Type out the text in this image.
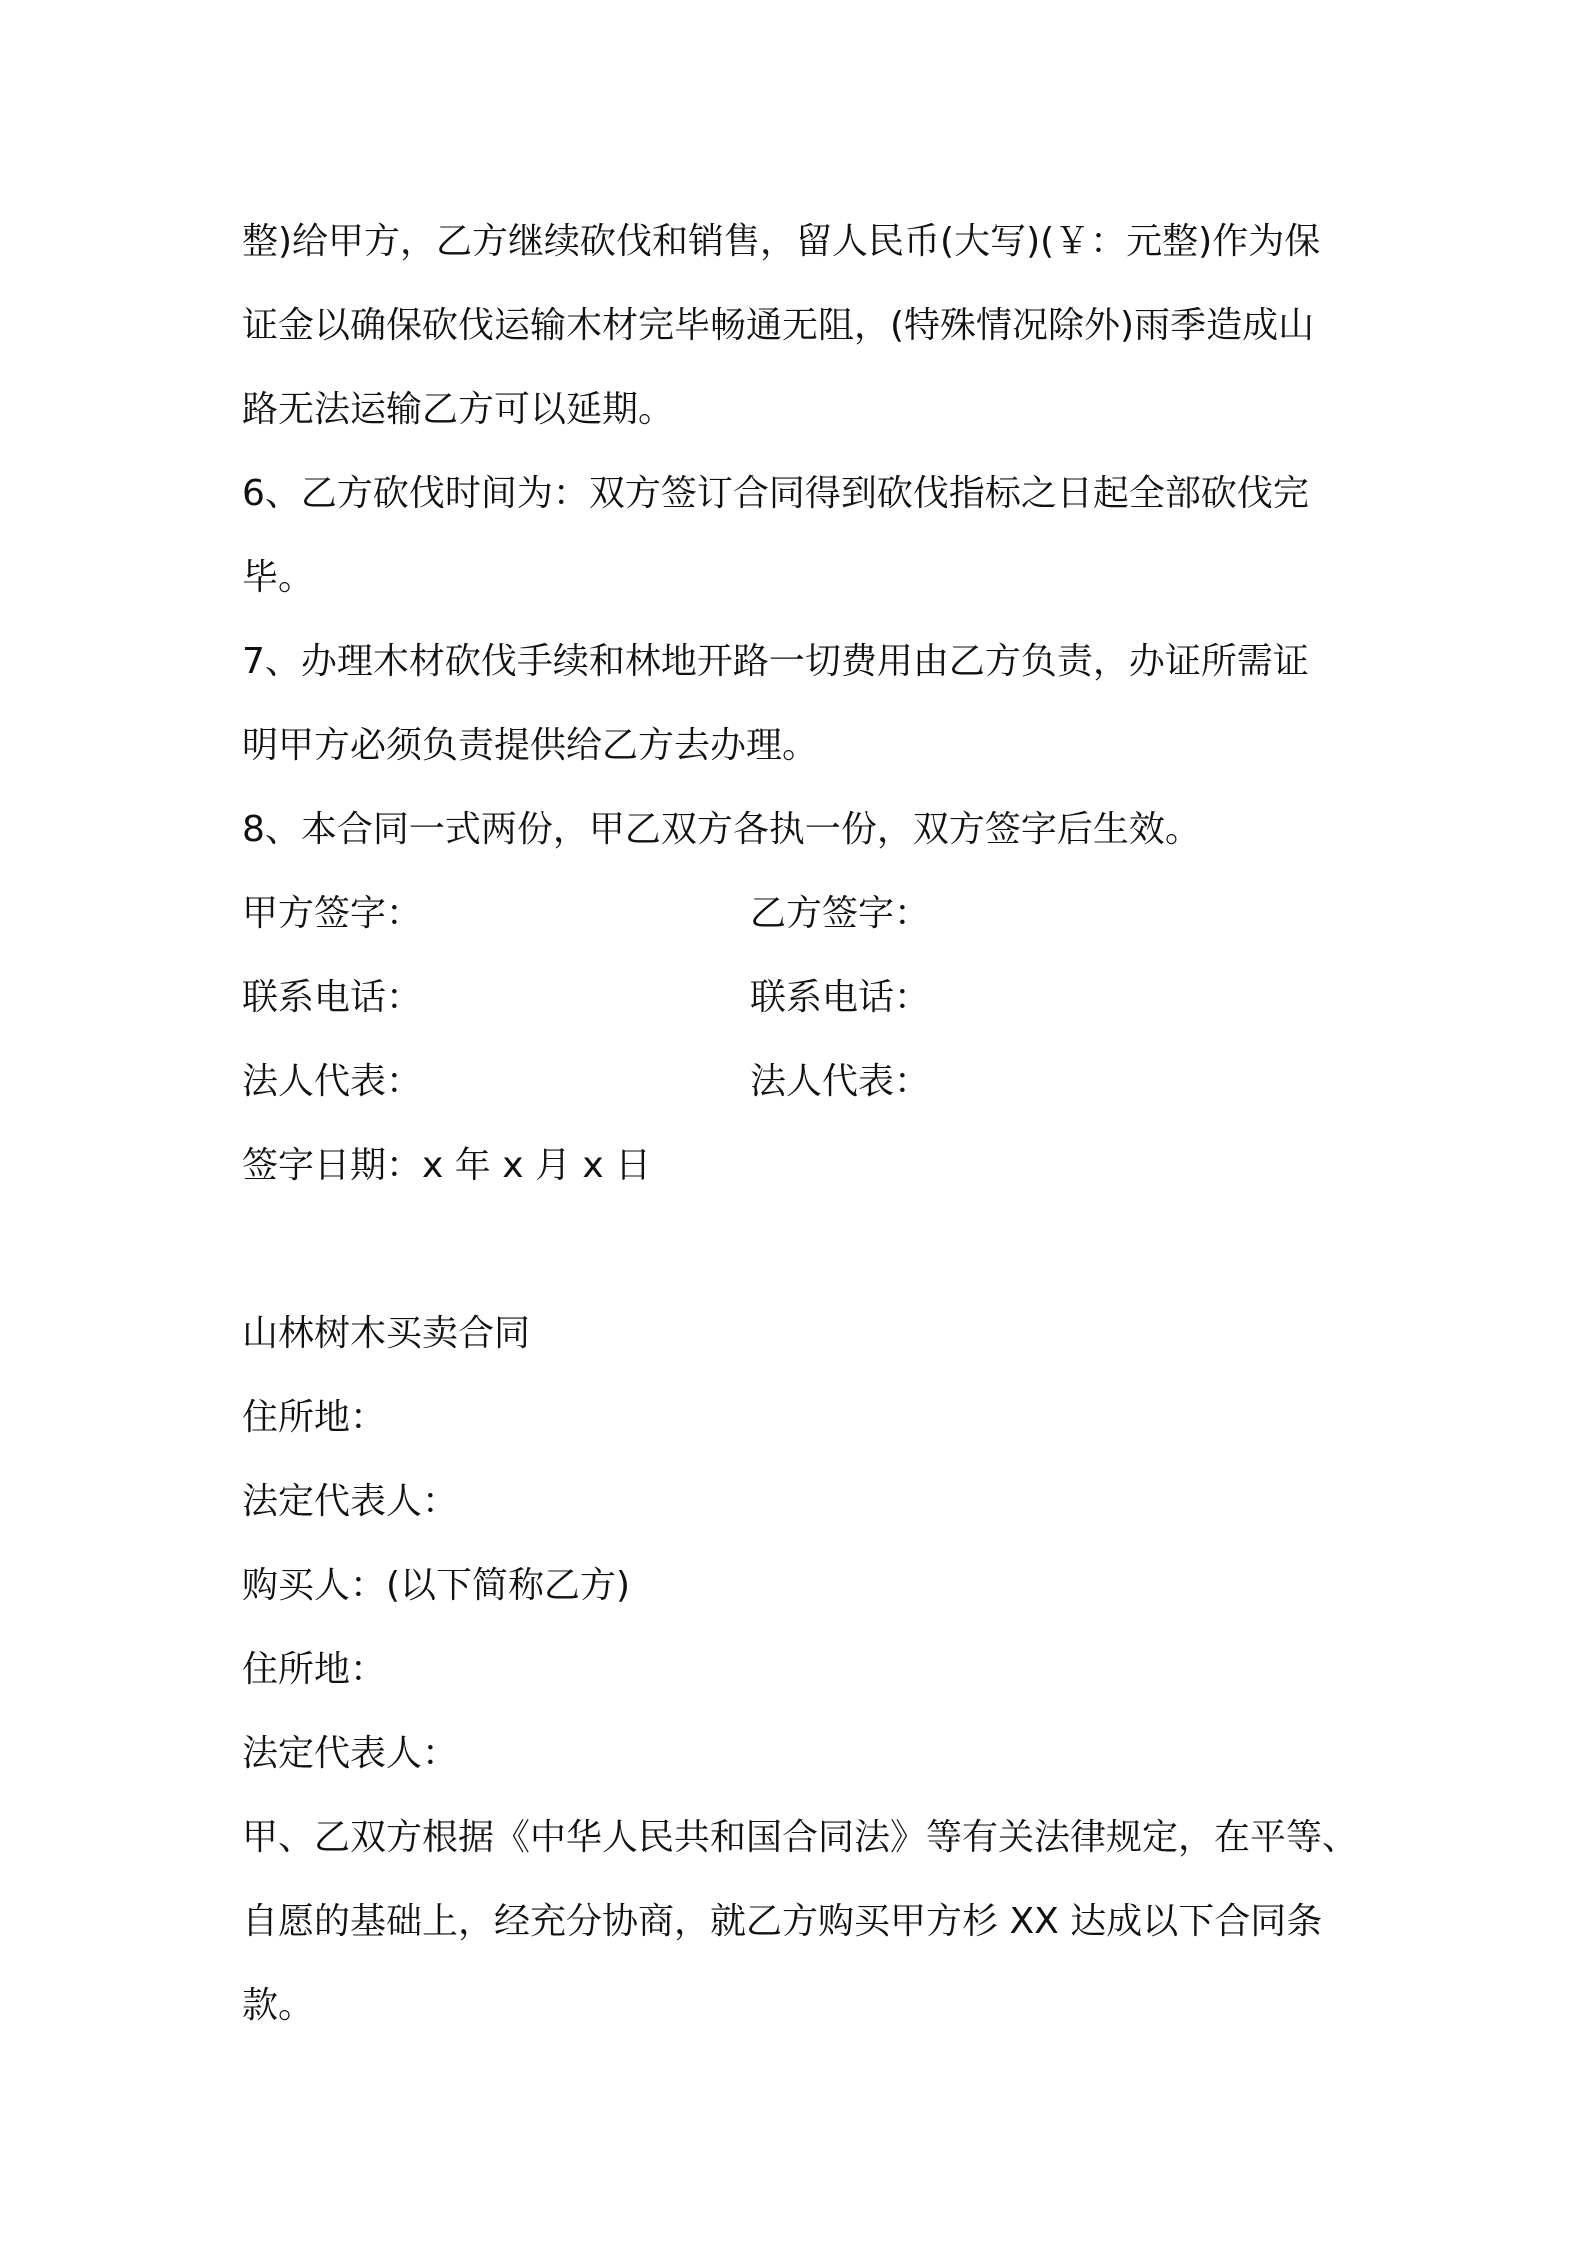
整)给甲方，乙方继续砍伐和销售，留人民币(大写)(￥：元整)作为保
证金以确保砍伐运输木材完毕畅通无阻，(特殊情况除外)雨季造成山
路无法运输乙方可以延期。
6、乙方砍伐时间为：双方签订合同得到砍伐指标之日起全部砍伐完
毕。
7、办理木材砍伐手续和林地开路一切费用由乙方负责，办证所需证
明甲方必须负责提供给乙方去办理。
8、本合同一式两份，甲乙双方各执一份，双方签字后生效。
甲方签字：	乙方签字：
联系电话：	联系电话：
法人代表：	法人代表：
签字日期：x 年 x 月 x 日
山林树木买卖合同
住所地：
法定代表人：
购买人：(以下简称乙方)
住所地：
法定代表人：
甲、乙双方根据《中华人民共和国合同法》等有关法律规定，在平等、
自愿的基础上，经充分协商，就乙方购买甲方杉 XX 达成以下合同条
款。
